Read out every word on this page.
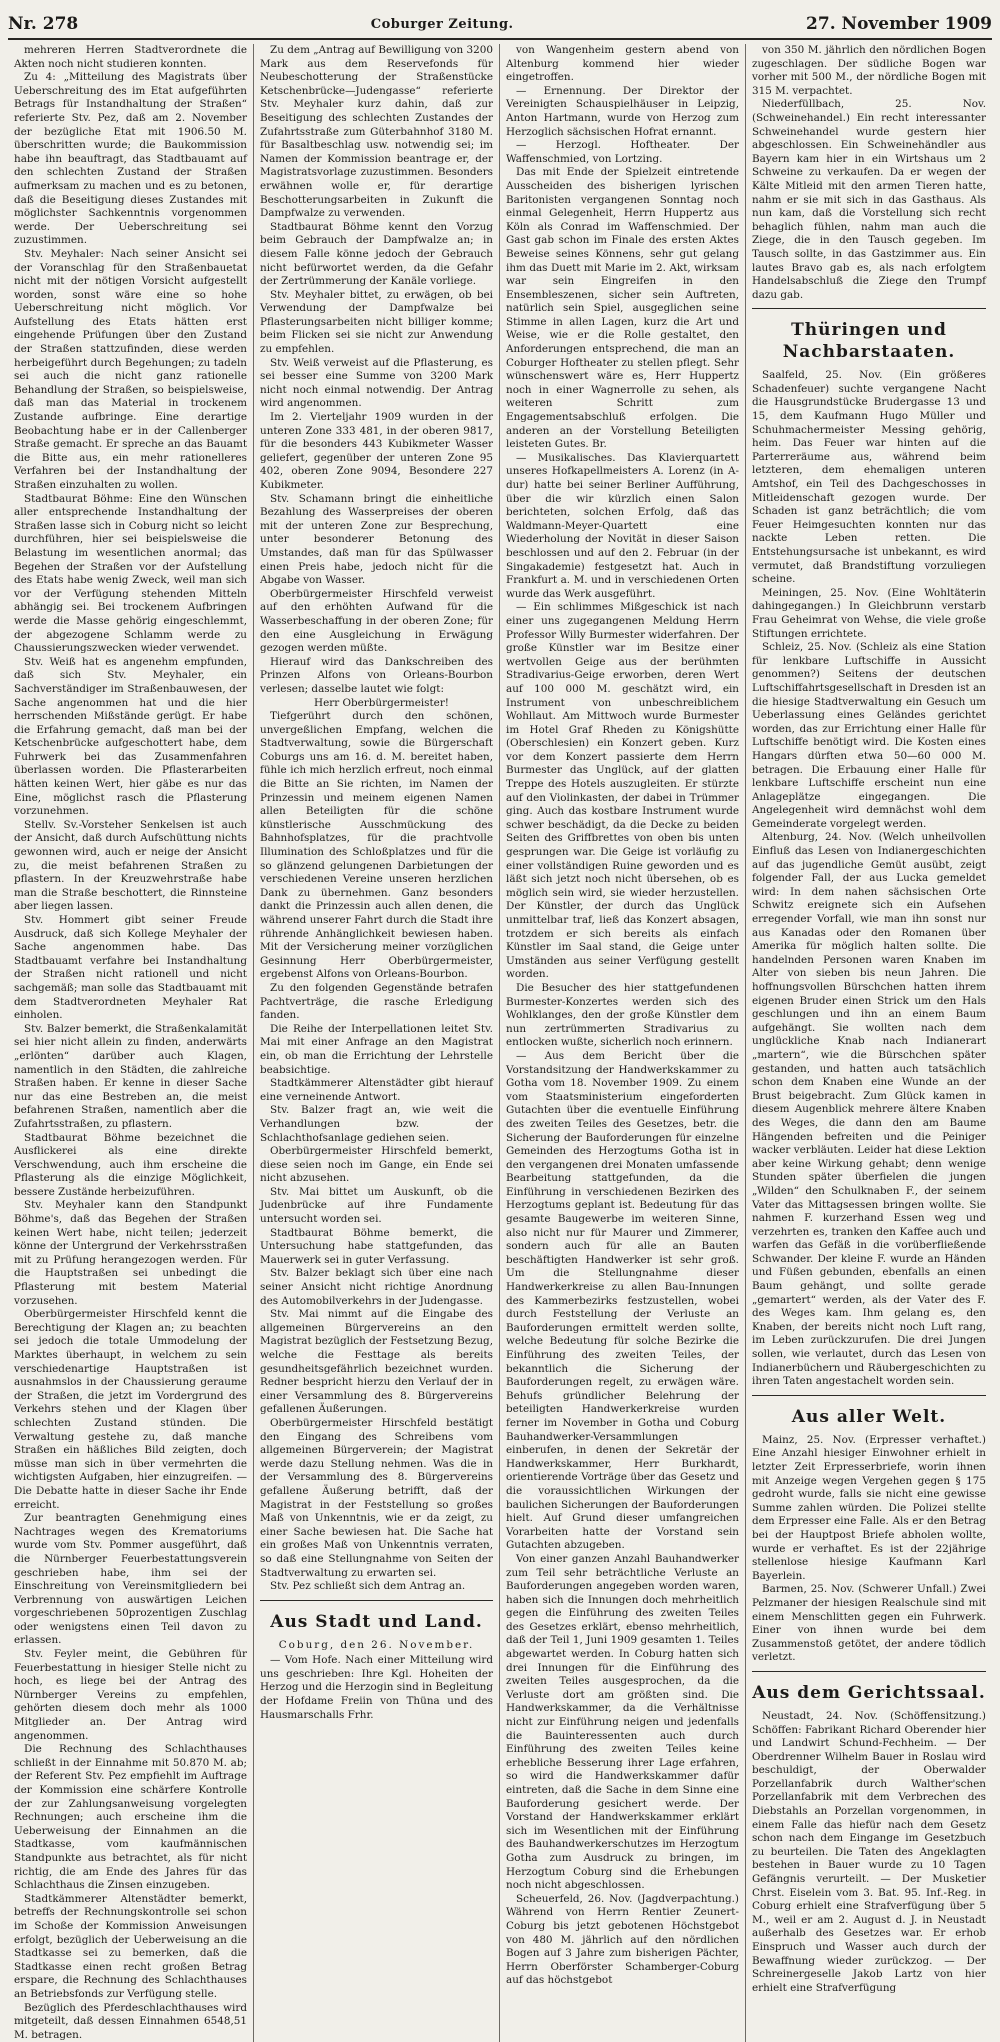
Nr. 278	Coburger Zeitung.	27. November 1909

mehreren Herren Stadtverordnete die Akten noch nicht studieren konnten.

Zu 4: „Mitteilung des Magistrats über Ueberschreitung des im Etat aufgeführten Betrags für Instandhaltung der Straßen“ referierte Stv. Pez, daß am 2. November der bezügliche Etat mit 1906.50 M. überschritten wurde; die Baukommission habe ihn beauftragt, das Stadtbauamt auf den schlechten Zustand der Straßen aufmerksam zu machen und es zu betonen, daß die Beseitigung dieses Zustandes mit möglichster Sachkenntnis vorgenommen werde. Der Ueberschreitung sei zuzustimmen.

Stv. Meyhaler: Nach seiner Ansicht sei der Voranschlag für den Straßenbauetat nicht mit der nötigen Vorsicht aufgestellt worden, sonst wäre eine so hohe Ueberschreitung nicht möglich. Vor Aufstellung des Etats hätten erst eingehende Prüfungen über den Zustand der Straßen stattzufinden, diese werden herbeigeführt durch Begehungen; zu tadeln sei auch die nicht ganz rationelle Behandlung der Straßen, so beispielsweise, daß man das Material in trockenem Zustande aufbringe. Eine derartige Beobachtung habe er in der Callenberger Straße gemacht. Er spreche an das Bauamt die Bitte aus, ein mehr rationelleres Verfahren bei der Instandhaltung der Straßen einzuhalten zu wollen.

Stadtbaurat Böhme: Eine den Wünschen aller entsprechende Instandhaltung der Straßen lasse sich in Coburg nicht so leicht durchführen, hier sei beispielsweise die Belastung im wesentlichen anormal; das Begehen der Straßen vor der Aufstellung des Etats habe wenig Zweck, weil man sich vor der Verfügung stehenden Mitteln abhängig sei. Bei trockenem Aufbringen werde die Masse gehörig eingeschlemmt, der abgezogene Schlamm werde zu Chaussierungszwecken wieder verwendet.

Stv. Weiß hat es angenehm empfunden, daß sich Stv. Meyhaler, ein Sachverständiger im Straßenbauwesen, der Sache angenommen hat und die hier herrschenden Mißstände gerügt. Er habe die Erfahrung gemacht, daß man bei der Ketschenbrücke aufgeschottert habe, dem Fuhrwerk bei das Zusammenfahren überlassen worden. Die Pflasterarbeiten hätten keinen Wert, hier gäbe es nur das Eine, möglichst rasch die Pflasterung vorzunehmen.

Stellv. Sv.-Vorsteher Senkelsen ist auch der Ansicht, daß durch Aufschüttung nichts gewonnen wird, auch er neige der Ansicht zu, die meist befahrenen Straßen zu pflastern. In der Kreuzwehrstraße habe man die Straße beschottert, die Rinnsteine aber liegen lassen.

Stv. Hommert gibt seiner Freude Ausdruck, daß sich Kollege Meyhaler der Sache angenommen habe. Das Stadtbauamt verfahre bei Instandhaltung der Straßen nicht rationell und nicht sachgemäß; man solle das Stadtbauamt mit dem Stadtverordneten Meyhaler Rat einholen.

Stv. Balzer bemerkt, die Straßenkalamität sei hier nicht allein zu finden, anderwärts „erlönten“ darüber auch Klagen, namentlich in den Städten, die zahlreiche Straßen haben. Er kenne in dieser Sache nur das eine Bestreben an, die meist befahrenen Straßen, namentlich aber die Zufahrtsstraßen, zu pflastern.

Stadtbaurat Böhme bezeichnet die Ausflickerei als eine direkte Verschwendung, auch ihm erscheine die Pflasterung als die einzige Möglichkeit, bessere Zustände herbeizuführen.

Stv. Meyhaler kann den Standpunkt Böhme's, daß das Begehen der Straßen keinen Wert habe, nicht teilen; jederzeit könne der Untergrund der Verkehrsstraßen mit zu Prüfung herangezogen werden. Für die Hauptstraßen sei unbedingt die Pflasterung mit bestem Material vorzusehen.

Oberbürgermeister Hirschfeld kennt die Berechtigung der Klagen an; zu beachten sei jedoch die totale Ummodelung der Marktes überhaupt, in welchem zu sein verschiedenartige Hauptstraßen ist ausnahmslos in der Chaussierung geraume der Straßen, die jetzt im Vordergrund des Verkehrs stehen und der Klagen über schlechten Zustand stünden. Die Verwaltung gestehe zu, daß manche Straßen ein häßliches Bild zeigten, doch müsse man sich in über vermehrten die wichtigsten Aufgaben, hier einzugreifen. — Die Debatte hatte in dieser Sache ihr Ende erreicht.

Zur beantragten Genehmigung eines Nachtrages wegen des Krematoriums wurde vom Stv. Pommer ausgeführt, daß die Nürnberger Feuerbestattungsverein geschrieben habe, ihm sei der Einschreitung von Vereinsmitgliedern bei Verbrennung von auswärtigen Leichen vorgeschriebenen 50prozentigen Zuschlag oder wenigstens einen Teil davon zu erlassen.

Stv. Feyler meint, die Gebühren für Feuerbestattung in hiesiger Stelle nicht zu hoch, es liege bei der Antrag des Nürnberger Vereins zu empfehlen, gehörten diesem doch mehr als 1000 Mitglieder an. Der Antrag wird angenommen.

Die Rechnung des Schlachthauses schließt in der Einnahme mit 50.870 M. ab; der Referent Stv. Pez empfiehlt im Auftrage der Kommission eine schärfere Kontrolle der zur Zahlungsanweisung vorgelegten Rechnungen; auch erscheine ihm die Ueberweisung der Einnahmen an die Stadtkasse, vom kaufmännischen Standpunkte aus betrachtet, als für nicht richtig, die am Ende des Jahres für das Schlachthaus die Zinsen einzugeben.

Stadtkämmerer Altenstädter bemerkt, betreffs der Rechnungskontrolle sei schon im Schoße der Kommission Anweisungen erfolgt, bezüglich der Ueberweisung an die Stadtkasse sei zu bemerken, daß die Stadtkasse einen recht großen Betrag erspare, die Rechnung des Schlachthauses an Betriebsfonds zur Verfügung stelle.

Bezüglich des Pferdeschlachthauses wird mitgeteilt, daß dessen Einnahmen 6548,51 M. betragen.

Zu dem „Antrag auf Bewilligung von 3200 Mark aus dem Reservefonds für Neubeschotterung der Straßenstücke Ketschenbrücke—Judengasse“ referierte Stv. Meyhaler kurz dahin, daß zur Beseitigung des schlechten Zustandes der Zufahrtsstraße zum Güterbahnhof 3180 M. für Basaltbeschlag usw. notwendig sei; im Namen der Kommission beantrage er, der Magistratsvorlage zuzustimmen. Besonders erwähnen wolle er, für derartige Beschotterungsarbeiten in Zukunft die Dampfwalze zu verwenden.

Stadtbaurat Böhme kennt den Vorzug beim Gebrauch der Dampfwalze an; in diesem Falle könne jedoch der Gebrauch nicht befürwortet werden, da die Gefahr der Zertrümmerung der Kanäle vorliege.

Stv. Meyhaler bittet, zu erwägen, ob bei Verwendung der Dampfwalze bei Pflasterungsarbeiten nicht billiger komme; beim Flicken sei sie nicht zur Anwendung zu empfehlen.

Stv. Weiß verweist auf die Pflasterung, es sei besser eine Summe von 3200 Mark nicht noch einmal notwendig. Der Antrag wird angenommen.

Im 2. Vierteljahr 1909 wurden in der unteren Zone 333 481, in der oberen 9817, für die besonders 443 Kubikmeter Wasser geliefert, gegenüber der unteren Zone 95 402, oberen Zone 9094, Besondere 227 Kubikmeter.

Stv. Schamann bringt die einheitliche Bezahlung des Wasserpreises der oberen mit der unteren Zone zur Besprechung, unter besonderer Betonung des Umstandes, daß man für das Spülwasser einen Preis habe, jedoch nicht für die Abgabe von Wasser.

Oberbürgermeister Hirschfeld verweist auf den erhöhten Aufwand für die Wasserbeschaffung in der oberen Zone; für den eine Ausgleichung in Erwägung gezogen werden müßte.

Hierauf wird das Dankschreiben des Prinzen Alfons von Orleans-Bourbon verlesen; dasselbe lautet wie folgt:

Herr Oberbürgermeister!

Tiefgerührt durch den schönen, unvergeßlichen Empfang, welchen die Stadtverwaltung, sowie die Bürgerschaft Coburgs uns am 16. d. M. bereitet haben, fühle ich mich herzlich erfreut, noch einmal die Bitte an Sie richten, im Namen der Prinzessin und meinem eigenen Namen allen Beteiligten für die schöne künstlerische Ausschmückung des Bahnhofsplatzes, für die prachtvolle Illumination des Schloßplatzes und für die so glänzend gelungenen Darbietungen der verschiedenen Vereine unseren herzlichen Dank zu übernehmen. Ganz besonders dankt die Prinzessin auch allen denen, die während unserer Fahrt durch die Stadt ihre rührende Anhänglichkeit bewiesen haben. Mit der Versicherung meiner vorzüglichen Gesinnung Herr Oberbürgermeister, ergebenst Alfons von Orleans-Bourbon.

Zu den folgenden Gegenstände betrafen Pachtverträge, die rasche Erledigung fanden.

Die Reihe der Interpellationen leitet Stv. Mai mit einer Anfrage an den Magistrat ein, ob man die Errichtung der Lehrstelle beabsichtige.

Stadtkämmerer Altenstädter gibt hierauf eine verneinende Antwort.

Stv. Balzer fragt an, wie weit die Verhandlungen bzw. der Schlachthofsanlage gediehen seien.

Oberbürgermeister Hirschfeld bemerkt, diese seien noch im Gange, ein Ende sei nicht abzusehen.

Stv. Mai bittet um Auskunft, ob die Judenbrücke auf ihre Fundamente untersucht worden sei.

Stadtbaurat Böhme bemerkt, die Untersuchung habe stattgefunden, das Mauerwerk sei in guter Verfassung.

Stv. Balzer beklagt sich über eine nach seiner Ansicht nicht richtige Anordnung des Automobilverkehrs in der Judengasse.

Stv. Mai nimmt auf die Eingabe des allgemeinen Bürgervereins an den Magistrat bezüglich der Festsetzung Bezug, welche die Festtage als bereits gesundheitsgefährlich bezeichnet wurden. Redner bespricht hierzu den Verlauf der in einer Versammlung des 8. Bürgervereins gefallenen Äußerungen.

Oberbürgermeister Hirschfeld bestätigt den Eingang des Schreibens vom allgemeinen Bürgerverein; der Magistrat werde dazu Stellung nehmen. Was die in der Versammlung des 8. Bürgervereins gefallene Äußerung betrifft, daß der Magistrat in der Feststellung so großes Maß von Unkenntnis, wie er da zeigt, zu einer Sache bewiesen hat. Die Sache hat ein großes Maß von Unkenntnis verraten, so daß eine Stellungnahme von Seiten der Stadtverwaltung zu erwarten sei.

Stv. Pez schließt sich dem Antrag an.

Aus Stadt und Land.
Coburg, den 26. November.

— Vom Hofe. Nach einer Mitteilung wird uns geschrieben: Ihre Kgl. Hoheiten der Herzog und die Herzogin sind in Begleitung der Hofdame Freiin von Thüna und des Hausmarschalls Frhr.

von Wangenheim gestern abend von Altenburg kommend hier wieder eingetroffen.

— Ernennung. Der Direktor der Vereinigten Schauspielhäuser in Leipzig, Anton Hartmann, wurde von Herzog zum Herzoglich sächsischen Hofrat ernannt.

— Herzogl. Hoftheater. Der Waffenschmied, von Lortzing.

Das mit Ende der Spielzeit eintretende Ausscheiden des bisherigen lyrischen Baritonisten vergangenen Sonntag noch einmal Gelegenheit, Herrn Huppertz aus Köln als Conrad im Waffenschmied. Der Gast gab schon im Finale des ersten Aktes Beweise seines Könnens, sehr gut gelang ihm das Duett mit Marie im 2. Akt, wirksam war sein Eingreifen in den Ensembleszenen, sicher sein Auftreten, natürlich sein Spiel, ausgeglichen seine Stimme in allen Lagen, kurz die Art und Weise, wie er die Rolle gestaltet, den Anforderungen entsprechend, die man an Coburger Hoftheater zu stellen pflegt. Sehr wünschenswert wäre es, Herr Huppertz noch in einer Wagnerrolle zu sehen, als weiteren Schritt zum Engagementsabschluß erfolgen. Die anderen an der Vorstellung Beteiligten leisteten Gutes. Br.

— Musikalisches. Das Klavierquartett unseres Hofkapellmeisters A. Lorenz (in A-dur) hatte bei seiner Berliner Aufführung, über die wir kürzlich einen Salon berichteten, solchen Erfolg, daß das Waldmann-Meyer-Quartett eine Wiederholung der Novität in dieser Saison beschlossen und auf den 2. Februar (in der Singakademie) festgesetzt hat. Auch in Frankfurt a. M. und in verschiedenen Orten wurde das Werk ausgeführt.

— Ein schlimmes Mißgeschick ist nach einer uns zugegangenen Meldung Herrn Professor Willy Burmester widerfahren. Der große Künstler war im Besitze einer wertvollen Geige aus der berühmten Stradivarius-Geige erworben, deren Wert auf 100 000 M. geschätzt wird, ein Instrument von unbeschreiblichem Wohllaut. Am Mittwoch wurde Burmester im Hotel Graf Rheden zu Königshütte (Oberschlesien) ein Konzert geben. Kurz vor dem Konzert passierte dem Herrn Burmester das Unglück, auf der glatten Treppe des Hotels auszugleiten. Er stürzte auf den Violinkasten, der dabei in Trümmer ging. Auch das kostbare Instrument wurde schwer beschädigt, da die Decke zu beiden Seiten des Griffbrettes von oben bis unten gesprungen war. Die Geige ist vorläufig zu einer vollständigen Ruine geworden und es läßt sich jetzt noch nicht übersehen, ob es möglich sein wird, sie wieder herzustellen. Der Künstler, der durch das Unglück unmittelbar traf, ließ das Konzert absagen, trotzdem er sich bereits als einfach Künstler im Saal stand, die Geige unter Umständen aus seiner Verfügung gestellt worden.

Die Besucher des hier stattgefundenen Burmester-Konzertes werden sich des Wohlklanges, den der große Künstler dem nun zertrümmerten Stradivarius zu entlocken wußte, sicherlich noch erinnern.

— Aus dem Bericht über die Vorstandsitzung der Handwerkskammer zu Gotha vom 18. November 1909. Zu einem vom Staatsministerium eingeforderten Gutachten über die eventuelle Einführung des zweiten Teiles des Gesetzes, betr. die Sicherung der Bauforderungen für einzelne Gemeinden des Herzogtums Gotha ist in den vergangenen drei Monaten umfassende Bearbeitung stattgefunden, da die Einführung in verschiedenen Bezirken des Herzogtums geplant ist. Bedeutung für das gesamte Baugewerbe im weiteren Sinne, also nicht nur für Maurer und Zimmerer, sondern auch für alle an Bauten beschäftigten Handwerker ist sehr groß. Um die Stellungnahme dieser Handwerkerkreise zu allen Bau-Innungen des Kammerbezirks festzustellen, wobei durch Feststellung der Verluste an Bauforderungen ermittelt werden sollte, welche Bedeutung für solche Bezirke die Einführung des zweiten Teiles, der bekanntlich die Sicherung der Bauforderungen regelt, zu erwägen wäre. Behufs gründlicher Belehrung der beteiligten Handwerkerkreise wurden ferner im November in Gotha und Coburg Bauhandwerker-Versammlungen einberufen, in denen der Sekretär der Handwerkskammer, Herr Burkhardt, orientierende Vorträge über das Gesetz und die voraussichtlichen Wirkungen der baulichen Sicherungen der Bauforderungen hielt. Auf Grund dieser umfangreichen Vorarbeiten hatte der Vorstand sein Gutachten abzugeben.

Von einer ganzen Anzahl Bauhandwerker zum Teil sehr beträchtliche Verluste an Bauforderungen angegeben worden waren, haben sich die Innungen doch mehrheitlich gegen die Einführung des zweiten Teiles des Gesetzes erklärt, ebenso mehrheitlich, daß der Teil 1, Juni 1909 gesamten 1. Teiles abgewartet werden. In Coburg hatten sich drei Innungen für die Einführung des zweiten Teiles ausgesprochen, da die Verluste dort am größten sind. Die Handwerkskammer, da die Verhältnisse nicht zur Einführung neigen und jedenfalls die Bauinteressenten auch durch Einführung des zweiten Teiles keine erhebliche Besserung ihrer Lage erfahren, so wird die Handwerkskammer dafür eintreten, daß die Sache in dem Sinne eine Bauforderung gesichert werde. Der Vorstand der Handwerkskammer erklärt sich im Wesentlichen mit der Einführung des Bauhandwerkerschutzes im Herzogtum Gotha zum Ausdruck zu bringen, im Herzogtum Coburg sind die Erhebungen noch nicht abgeschlossen.

Scheuerfeld, 26. Nov. (Jagdverpachtung.) Während von Herrn Rentier Zeunert-Coburg bis jetzt gebotenen Höchstgebot von 480 M. jährlich auf den nördlichen Bogen auf 3 Jahre zum bisherigen Pächter, Herrn Oberförster Schamberger-Coburg auf das höchstgebot

von 350 M. jährlich den nördlichen Bogen zugeschlagen. Der südliche Bogen war vorher mit 500 M., der nördliche Bogen mit 315 M. verpachtet.

Niederfüllbach, 25. Nov. (Schweinehandel.) Ein recht interessanter Schweinehandel wurde gestern hier abgeschlossen. Ein Schweinehändler aus Bayern kam hier in ein Wirtshaus um 2 Schweine zu verkaufen. Da er wegen der Kälte Mitleid mit den armen Tieren hatte, nahm er sie mit sich in das Gasthaus. Als nun kam, daß die Vorstellung sich recht behaglich fühlen, nahm man auch die Ziege, die in den Tausch gegeben. Im Tausch sollte, in das Gastzimmer aus. Ein lautes Bravo gab es, als nach erfolgtem Handelsabschluß die Ziege den Trumpf dazu gab.

Thüringen und Nachbarstaaten.

Saalfeld, 25. Nov. (Ein größeres Schadenfeuer) suchte vergangene Nacht die Hausgrundstücke Brudergasse 13 und 15, dem Kaufmann Hugo Müller und Schuhmachermeister Messing gehörig, heim. Das Feuer war hinten auf die Parterreräume aus, während beim letzteren, dem ehemaligen unteren Amtshof, ein Teil des Dachgeschosses in Mitleidenschaft gezogen wurde. Der Schaden ist ganz beträchtlich; die vom Feuer Heimgesuchten konnten nur das nackte Leben retten. Die Entstehungsursache ist unbekannt, es wird vermutet, daß Brandstiftung vorzuliegen scheine.

Meiningen, 25. Nov. (Eine Wohltäterin dahingegangen.) In Gleichbrunn verstarb Frau Geheimrat von Wehse, die viele große Stiftungen errichtete.

Schleiz, 25. Nov. (Schleiz als eine Station für lenkbare Luftschiffe in Aussicht genommen?) Seitens der deutschen Luftschiffahrtsgesellschaft in Dresden ist an die hiesige Stadtverwaltung ein Gesuch um Ueberlassung eines Geländes gerichtet worden, das zur Errichtung einer Halle für Luftschiffe benötigt wird. Die Kosten eines Hangars dürften etwa 50—60 000 M. betragen. Die Erbauung einer Halle für lenkbare Luftschiffe erscheint nun eine Anlageplätze eingegangen. Die Angelegenheit wird demnächst wohl dem Gemeinderate vorgelegt werden.

Altenburg, 24. Nov. (Welch unheilvollen Einfluß das Lesen von Indianergeschichten auf das jugendliche Gemüt ausübt, zeigt folgender Fall, der aus Lucka gemeldet wird: In dem nahen sächsischen Orte Schwitz ereignete sich ein Aufsehen erregender Vorfall, wie man ihn sonst nur aus Kanadas oder den Romanen über Amerika für möglich halten sollte. Die handelnden Personen waren Knaben im Alter von sieben bis neun Jahren. Die hoffnungsvollen Bürschchen hatten ihrem eigenen Bruder einen Strick um den Hals geschlungen und ihn an einem Baum aufgehängt. Sie wollten nach dem unglückliche Knab nach Indianerart „martern“, wie die Bürschchen später gestanden, und hatten auch tatsächlich schon dem Knaben eine Wunde an der Brust beigebracht. Zum Glück kamen in diesem Augenblick mehrere ältere Knaben des Weges, die dann den am Baume Hängenden befreiten und die Peiniger wacker verbläuten. Leider hat diese Lektion aber keine Wirkung gehabt; denn wenige Stunden später überfielen die jungen „Wilden“ den Schulknaben F., der seinem Vater das Mittagsessen bringen wollte. Sie nahmen F. kurzerhand Essen weg und verzehrten es, tranken den Kaffee auch und warfen das Gefäß in die vorüberfließende Schwander. Der kleine F. wurde an Händen und Füßen gebunden, ebenfalls an einen Baum gehängt, und sollte gerade „gemartert“ werden, als der Vater des F. des Weges kam. Ihm gelang es, den Knaben, der bereits nicht noch Luft rang, im Leben zurückzurufen. Die drei Jungen sollen, wie verlautet, durch das Lesen von Indianerbüchern und Räubergeschichten zu ihren Taten angestachelt worden sein.

Aus aller Welt.

Mainz, 25. Nov. (Erpresser verhaftet.) Eine Anzahl hiesiger Einwohner erhielt in letzter Zeit Erpresserbriefe, worin ihnen mit Anzeige wegen Vergehen gegen § 175 gedroht wurde, falls sie nicht eine gewisse Summe zahlen würden. Die Polizei stellte dem Erpresser eine Falle. Als er den Betrag bei der Hauptpost Briefe abholen wollte, wurde er verhaftet. Es ist der 22jährige stellenlose hiesige Kaufmann Karl Bayerlein.

Barmen, 25. Nov. (Schwerer Unfall.) Zwei Pelzmaner der hiesigen Realschule sind mit einem Menschlitten gegen ein Fuhrwerk. Einer von ihnen wurde bei dem Zusammenstoß getötet, der andere tödlich verletzt.

Aus dem Gerichtssaal.

Neustadt, 24. Nov. (Schöffensitzung.) Schöffen: Fabrikant Richard Oberender hier und Landwirt Schund-Fechheim. — Der Oberdrenner Wilhelm Bauer in Roslau wird beschuldigt, der Oberwalder Porzellanfabrik durch Walther'schen Porzellanfabrik mit dem Verbrechen des Diebstahls an Porzellan vorgenommen, in einem Falle das hiefür nach dem Gesetz schon nach dem Eingange im Gesetzbuch zu beurteilen. Die Taten des Angeklagten bestehen in Bauer wurde zu 10 Tagen Gefängnis verurteilt. — Der Musketier Chrst. Eiselein vom 3. Bat. 95. Inf.-Reg. in Coburg erhielt eine Strafverfügung über 5 M., weil er am 2. August d. J. in Neustadt außerhalb des Gesetzes war. Er erhob Einspruch und Wasser auch durch der Bewaffnung wieder zurückzog. — Der Schreinergeselle Jakob Lartz von hier erhielt eine Strafverfügung
